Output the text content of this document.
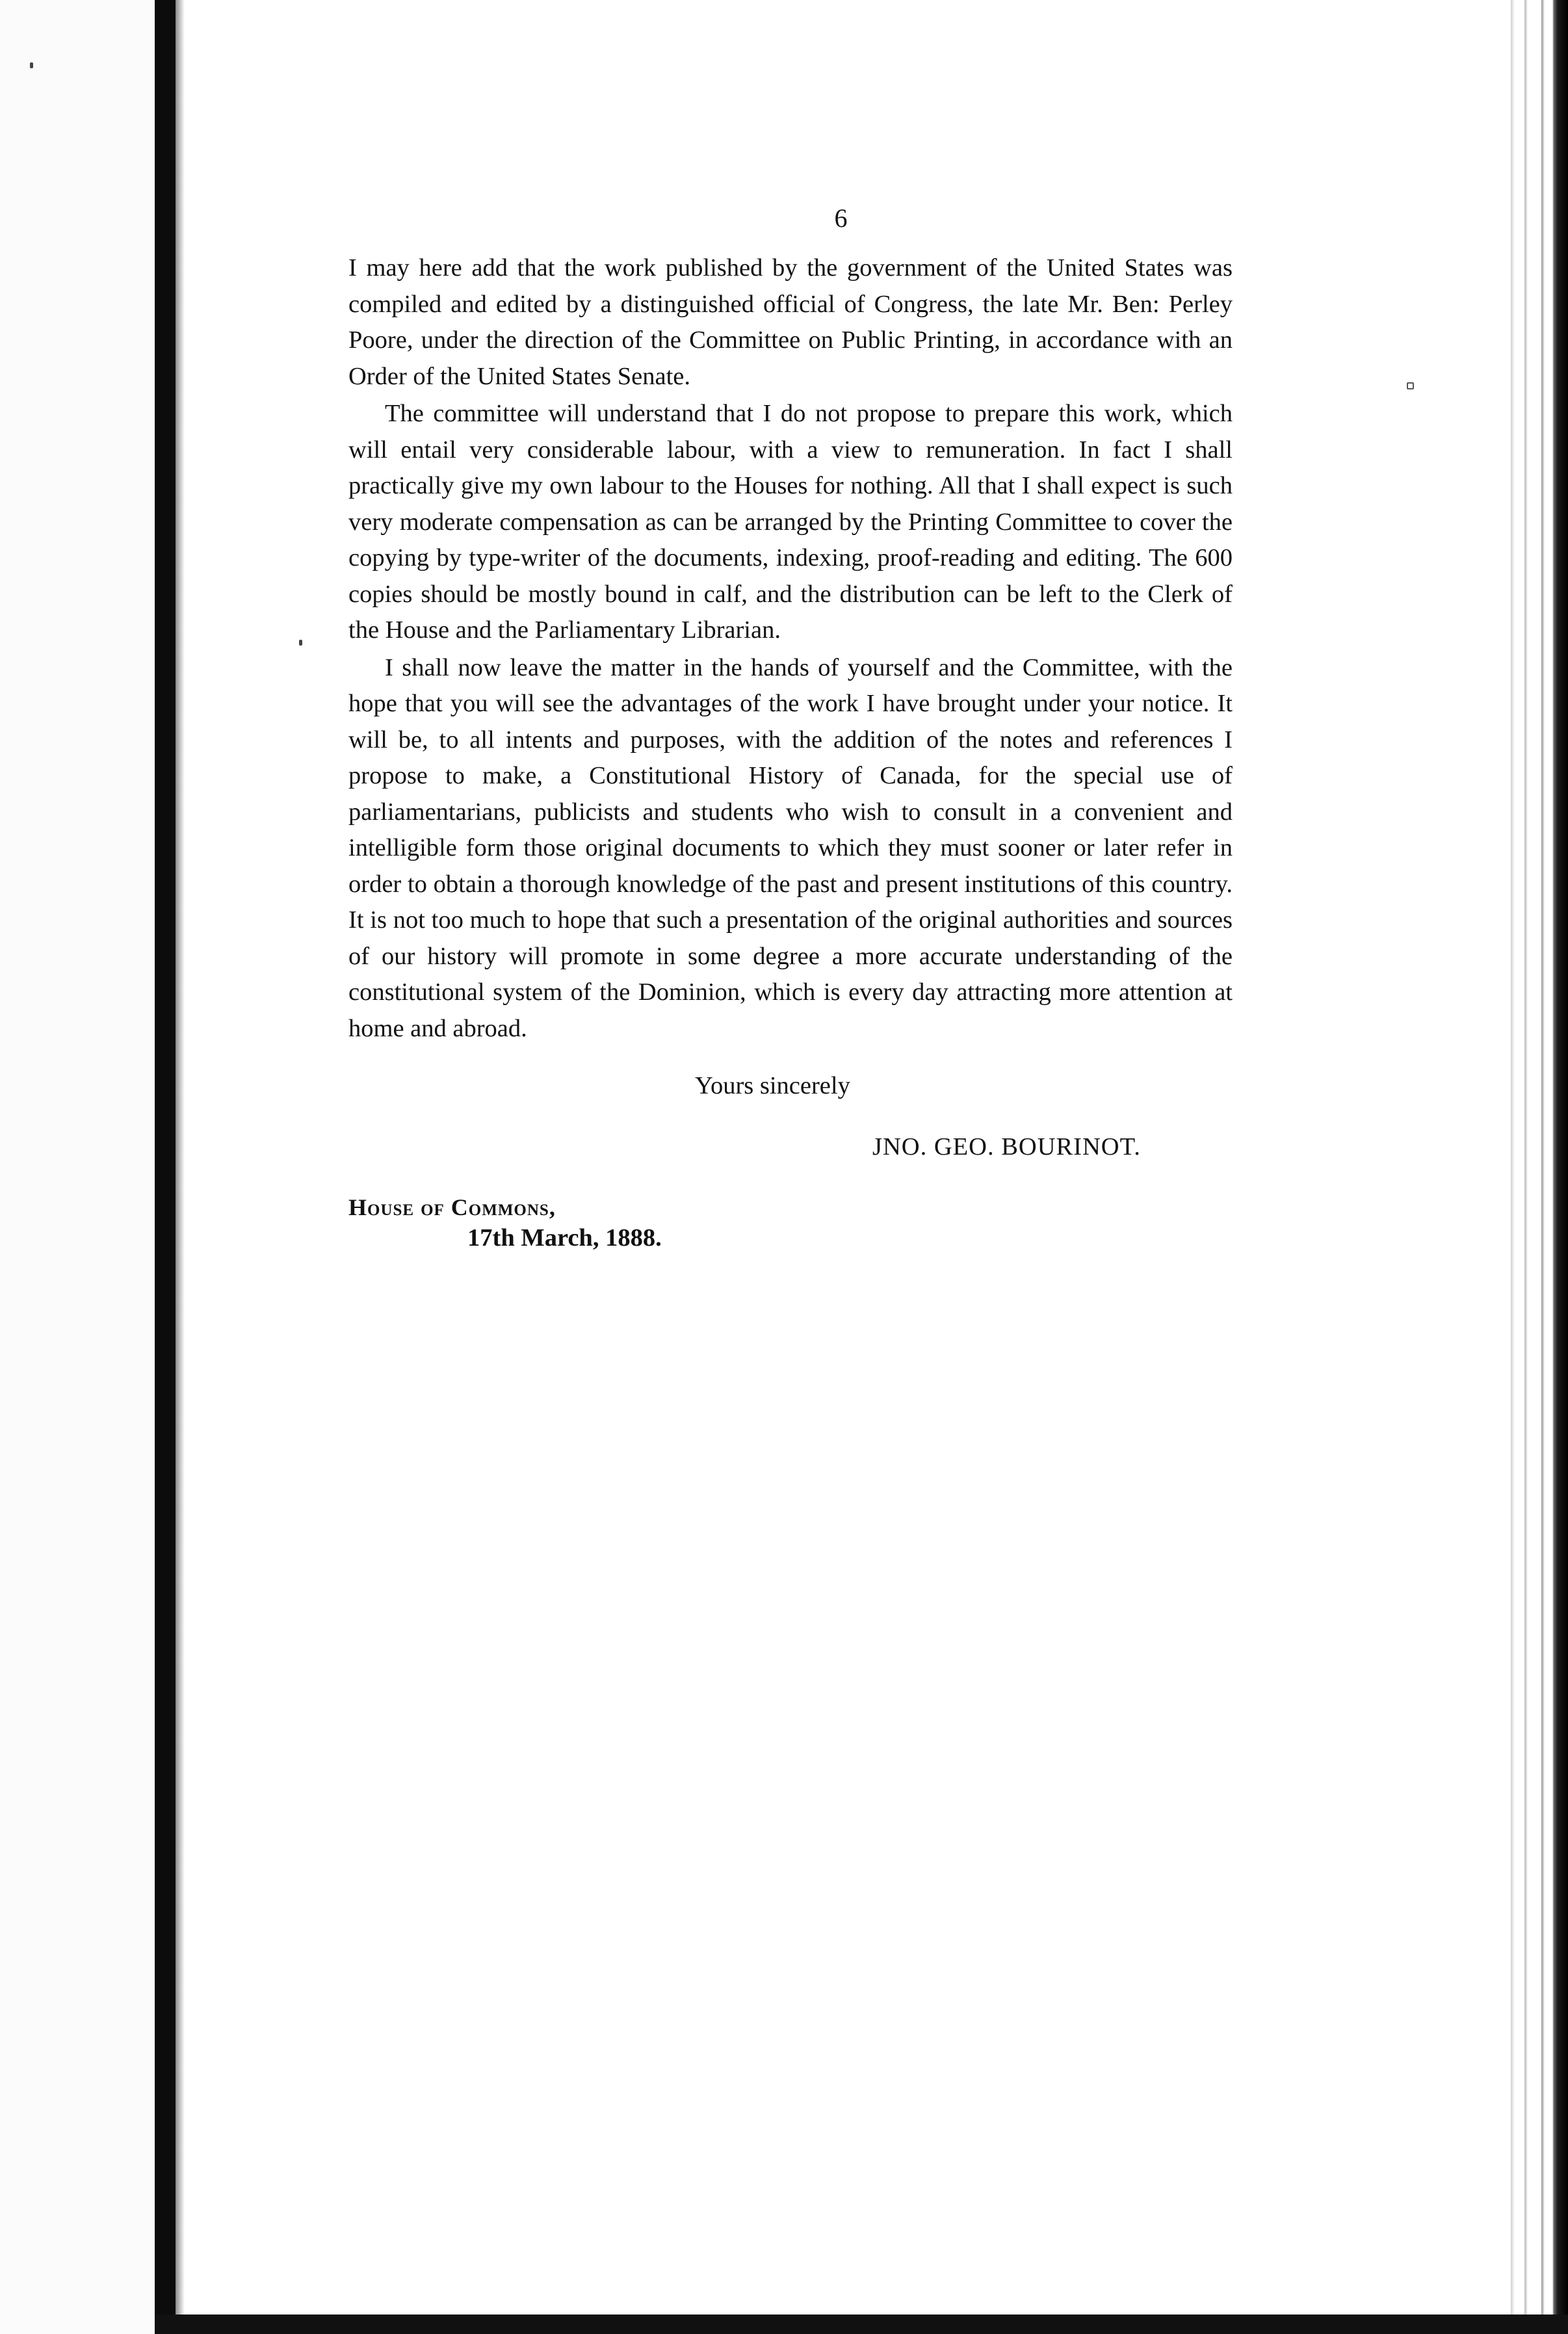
6

I may here add that the work published by the government of the United States was compiled and edited by a distinguished official of Congress, the late Mr. Ben: Perley Poore, under the direction of the Committee on Public Printing, in accordance with an Order of the United States Senate.

The committee will understand that I do not propose to prepare this work, which will entail very considerable labour, with a view to remuneration. In fact I shall practically give my own labour to the Houses for nothing. All that I shall expect is such very moderate compensation as can be arranged by the Printing Committee to cover the copying by type-writer of the documents, indexing, proof-reading and editing. The 600 copies should be mostly bound in calf, and the distribution can be left to the Clerk of the House and the Parliamentary Librarian.

I shall now leave the matter in the hands of yourself and the Committee, with the hope that you will see the advantages of the work I have brought under your notice. It will be, to all intents and purposes, with the addition of the notes and references I propose to make, a Constitutional History of Canada, for the special use of parliamentarians, publicists and students who wish to consult in a convenient and intelligible form those original documents to which they must sooner or later refer in order to obtain a thorough knowledge of the past and present institutions of this country. It is not too much to hope that such a presentation of the original authorities and sources of our history will promote in some degree a more accurate understanding of the constitutional system of the Dominion, which is every day attracting more attention at home and abroad.

Yours sincerely
JNO. GEO. BOURINOT.
House of Commons,
17th March, 1888.
